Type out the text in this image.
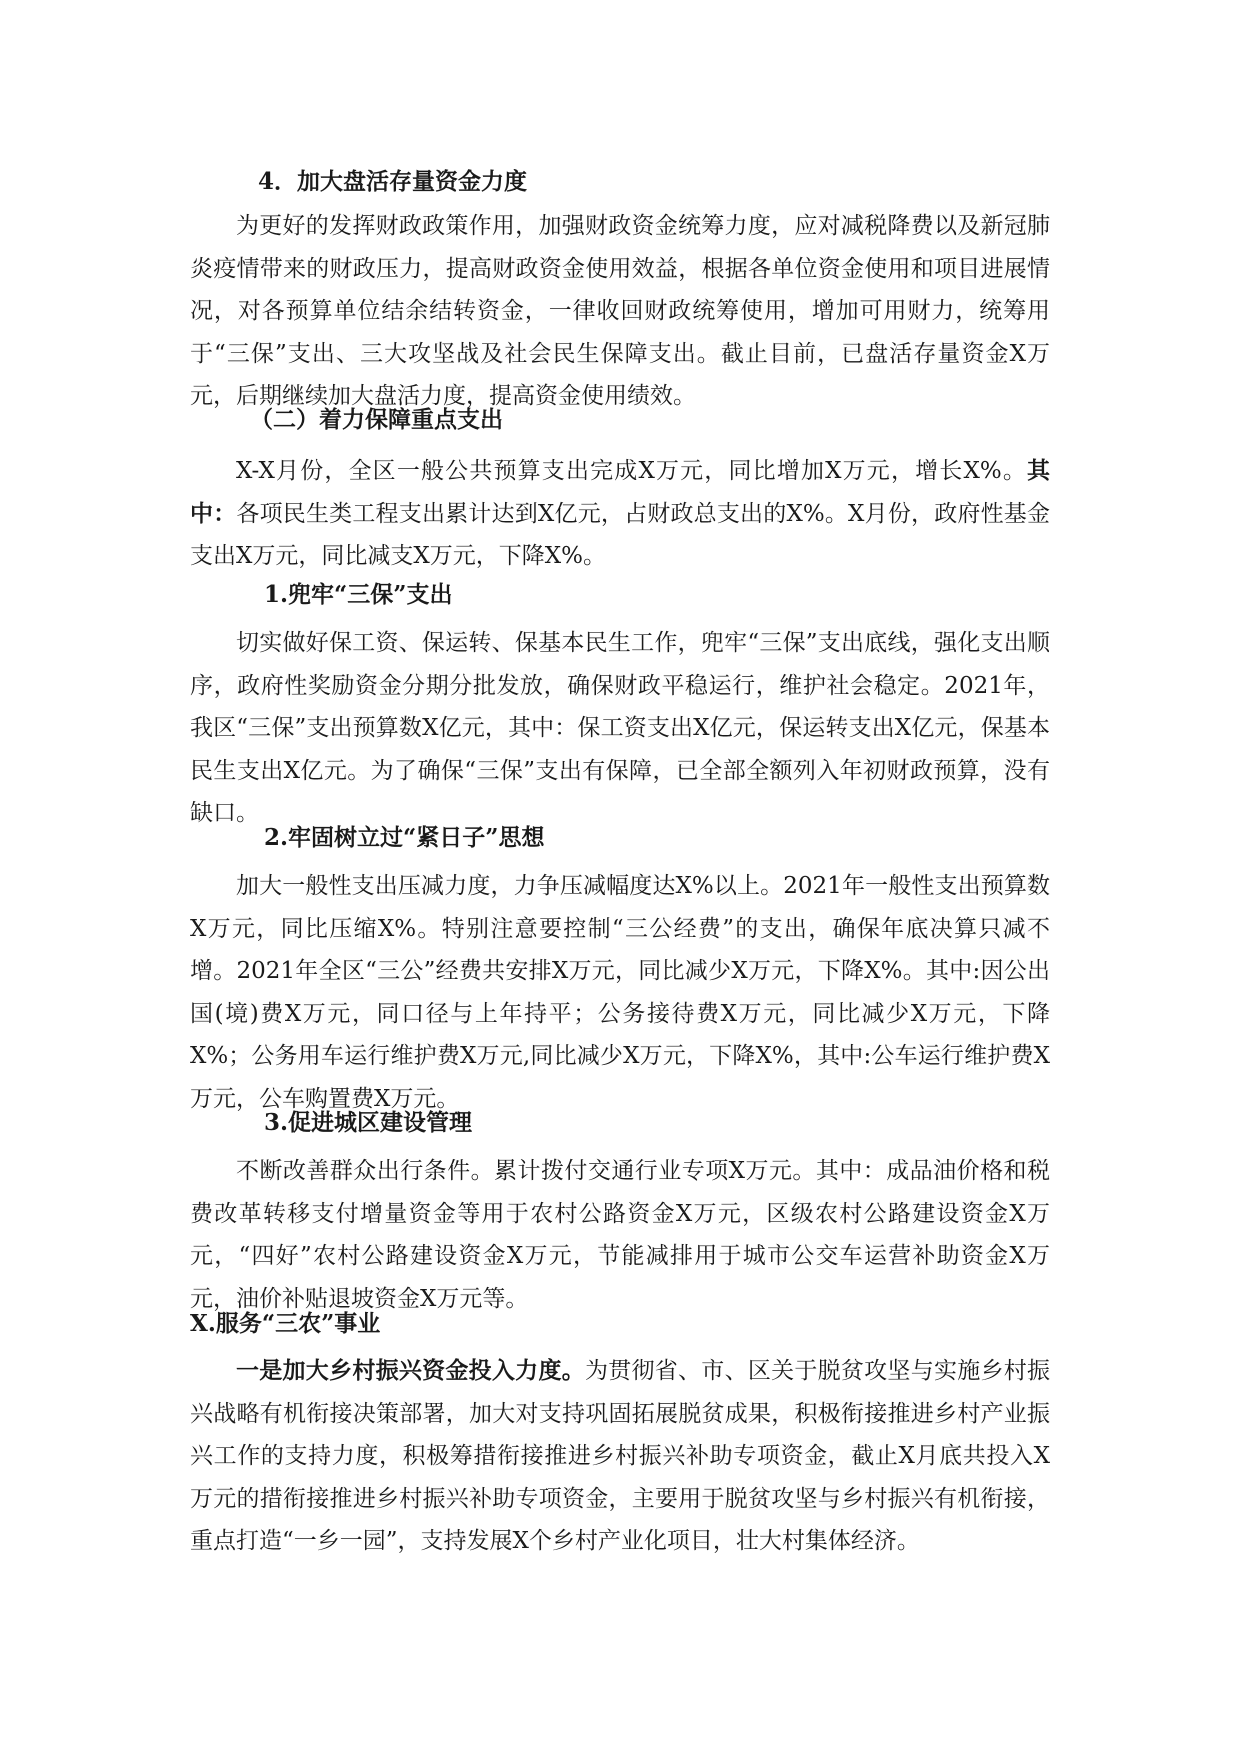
4．加大盘活存量资金力度
为更好的发挥财政政策作用，加强财政资金统筹力度，应对减税降费以及新冠肺炎疫情带来的财政压力，提高财政资金使用效益，根据各单位资金使用和项目进展情况，对各预算单位结余结转资金，一律收回财政统筹使用，增加可用财力，统筹用于“三保”支出、三大攻坚战及社会民生保障支出。截止目前，已盘活存量资金X万元，后期继续加大盘活力度，提高资金使用绩效。
（二）着力保障重点支出
X-X月份，全区一般公共预算支出完成X万元，同比增加X万元，增长X%。其中：各项民生类工程支出累计达到X亿元，占财政总支出的X%。X月份，政府性基金支出X万元，同比减支X万元，下降X%。
1.兜牢“三保”支出
切实做好保工资、保运转、保基本民生工作，兜牢“三保”支出底线，强化支出顺序，政府性奖励资金分期分批发放，确保财政平稳运行，维护社会稳定。2021年，我区“三保”支出预算数X亿元，其中：保工资支出X亿元，保运转支出X亿元，保基本民生支出X亿元。为了确保“三保”支出有保障，已全部全额列入年初财政预算，没有缺口。
2.牢固树立过“紧日子”思想
加大一般性支出压减力度，力争压减幅度达X%以上。2021年一般性支出预算数X万元，同比压缩X%。特别注意要控制“三公经费”的支出，确保年底决算只减不增。2021年全区“三公”经费共安排X万元，同比减少X万元，下降X%。其中:因公出国(境)费X万元，同口径与上年持平；公务接待费X万元，同比减少X万元，下降X%；公务用车运行维护费X万元,同比减少X万元，下降X%，其中:公车运行维护费X万元，公车购置费X万元。
3.促进城区建设管理
不断改善群众出行条件。累计拨付交通行业专项X万元。其中：成品油价格和税费改革转移支付增量资金等用于农村公路资金X万元，区级农村公路建设资金X万元，“四好”农村公路建设资金X万元，节能减排用于城市公交车运营补助资金X万元，油价补贴退坡资金X万元等。
X.服务“三农”事业
一是加大乡村振兴资金投入力度。为贯彻省、市、区关于脱贫攻坚与实施乡村振兴战略有机衔接决策部署，加大对支持巩固拓展脱贫成果，积极衔接推进乡村产业振兴工作的支持力度，积极筹措衔接推进乡村振兴补助专项资金，截止X月底共投入X万元的措衔接推进乡村振兴补助专项资金，主要用于脱贫攻坚与乡村振兴有机衔接，重点打造“一乡一园”，支持发展X个乡村产业化项目，壮大村集体经济。
